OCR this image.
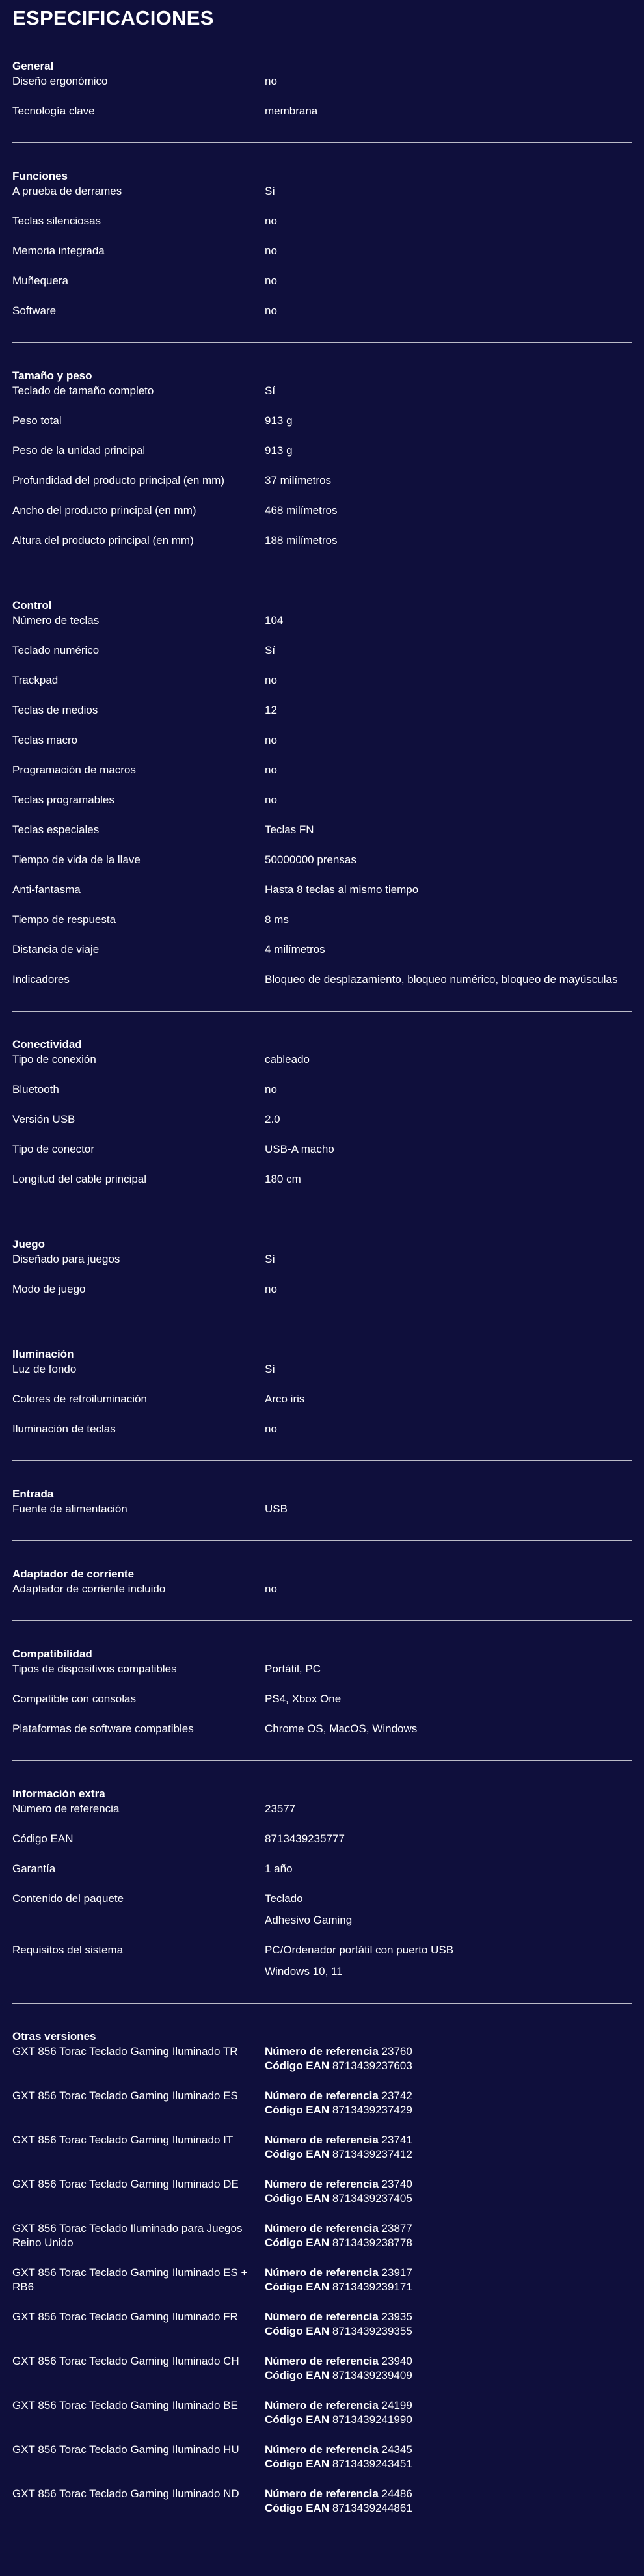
ESPECIFICACIONES
General
Diseño ergonómico	no
Tecnología clave	membrana
Funciones
A prueba de derrames	Sí
Teclas silenciosas	no
Memoria integrada	no
Muñequera	no
Software	no
Tamaño y peso
Teclado de tamaño completo	Sí
Peso total	913 g
Peso de la unidad principal	913 g
Profundidad del producto principal (en mm)	37 milímetros
Ancho del producto principal (en mm)	468 milímetros
Altura del producto principal (en mm)	188 milímetros
Control
Número de teclas	104
Teclado numérico	Sí
Trackpad	no
Teclas de medios	12
Teclas macro	no
Programación de macros	no
Teclas programables	no
Teclas especiales	Teclas FN
Tiempo de vida de la llave	50000000 prensas
Anti-fantasma	Hasta 8 teclas al mismo tiempo
Tiempo de respuesta	8 ms
Distancia de viaje	4 milímetros
Indicadores	Bloqueo de desplazamiento, bloqueo numérico, bloqueo de mayúsculas
Conectividad
Tipo de conexión	cableado
Bluetooth	no
Versión USB	2.0
Tipo de conector	USB-A macho
Longitud del cable principal	180 cm
Juego
Diseñado para juegos	Sí
Modo de juego	no
Iluminación
Luz de fondo	Sí
Colores de retroiluminación	Arco iris
Iluminación de teclas	no
Entrada
Fuente de alimentación	USB
Adaptador de corriente
Adaptador de corriente incluido	no
Compatibilidad
Tipos de dispositivos compatibles	Portátil, PC
Compatible con consolas	PS4, Xbox One
Plataformas de software compatibles	Chrome OS, MacOS, Windows
Información extra
Número de referencia	23577
Código EAN	8713439235777
Garantía	1 año
Contenido del paquete	Teclado
Adhesivo Gaming
Requisitos del sistema	PC/Ordenador portátil con puerto USB
Windows 10, 11
Otras versiones
GXT 856 Torac Teclado Gaming Iluminado TR	Número de referencia 23760
Código EAN 8713439237603
GXT 856 Torac Teclado Gaming Iluminado ES	Número de referencia 23742
Código EAN 8713439237429
GXT 856 Torac Teclado Gaming Iluminado IT	Número de referencia 23741
Código EAN 8713439237412
GXT 856 Torac Teclado Gaming Iluminado DE	Número de referencia 23740
Código EAN 8713439237405
GXT 856 Torac Teclado Iluminado para Juegos Reino Unido
Número de referencia 23877
Código EAN 8713439238778
GXT 856 Torac Teclado Gaming Iluminado ES + RB6
Número de referencia 23917
Código EAN 8713439239171
GXT 856 Torac Teclado Gaming Iluminado FR	Número de referencia 23935
Código EAN 8713439239355
GXT 856 Torac Teclado Gaming Iluminado CH	Número de referencia 23940
Código EAN 8713439239409
GXT 856 Torac Teclado Gaming Iluminado BE	Número de referencia 24199
Código EAN 8713439241990
GXT 856 Torac Teclado Gaming Iluminado HU	Número de referencia 24345
Código EAN 8713439243451
GXT 856 Torac Teclado Gaming Iluminado ND	Número de referencia 24486
Código EAN 8713439244861
